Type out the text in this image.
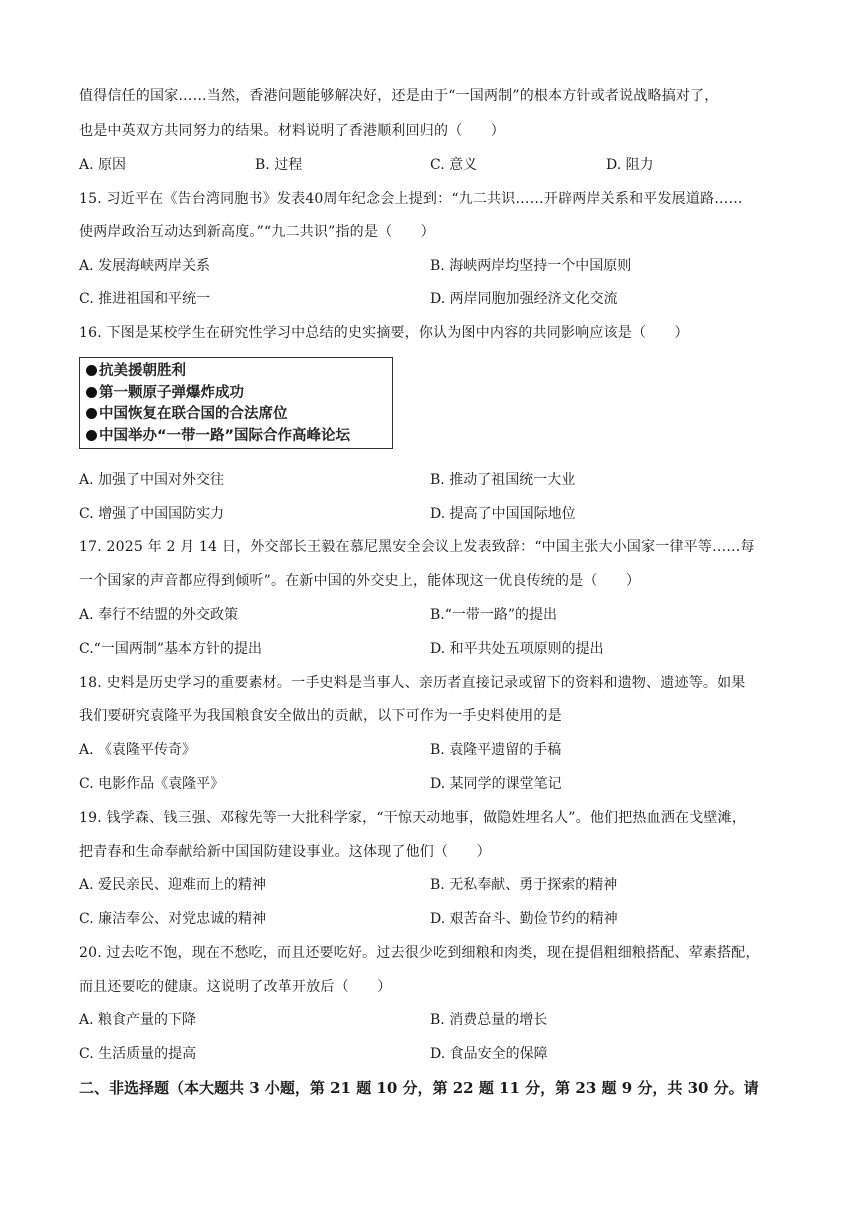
值得信任的国家……当然，香港问题能够解决好，还是由于“一国两制”的根本方针或者说战略搞对了，
也是中英双方共同努力的结果。材料说明了香港顺利回归的（　　）
A. 原因	B. 过程	C. 意义	D. 阻力
15. 习近平在《告台湾同胞书》发表40周年纪念会上提到：“九二共识……开辟两岸关系和平发展道路……
使两岸政治互动达到新高度。”“九二共识”指的是（　　）
A. 发展海峡两岸关系	B. 海峡两岸均坚持一个中国原则
C. 推进祖国和平统一	D. 两岸同胞加强经济文化交流
16. 下图是某校学生在研究性学习中总结的史实摘要，你认为图中内容的共同影响应该是（　　）
抗美援朝胜利
第一颗原子弹爆炸成功
中国恢复在联合国的合法席位
中国举办“一带一路”国际合作高峰论坛
A. 加强了中国对外交往	B. 推动了祖国统一大业
C. 增强了中国国防实力	D. 提高了中国国际地位
17. 2025 年 2 月 14 日，外交部长王毅在慕尼黑安全会议上发表致辞：“中国主张大小国家一律平等……每
一个国家的声音都应得到倾听”。在新中国的外交史上，能体现这一优良传统的是（　　）
A. 奉行不结盟的外交政策	B.“一带一路”的提出
C.“一国两制”基本方针的提出	D. 和平共处五项原则的提出
18. 史料是历史学习的重要素材。一手史料是当事人、亲历者直接记录或留下的资料和遗物、遗迹等。如果
我们要研究袁隆平为我国粮食安全做出的贡献，以下可作为一手史料使用的是
A. 《袁隆平传奇》	B. 袁隆平遗留的手稿
C. 电影作品《袁隆平》	D. 某同学的课堂笔记
19. 钱学森、钱三强、邓稼先等一大批科学家，“干惊天动地事，做隐姓埋名人”。他们把热血洒在戈壁滩，
把青春和生命奉献给新中国国防建设事业。这体现了他们（　　）
A. 爱民亲民、迎难而上的精神	B. 无私奉献、勇于探索的精神
C. 廉洁奉公、对党忠诚的精神	D. 艰苦奋斗、勤俭节约的精神
20. 过去吃不饱，现在不愁吃，而且还要吃好。过去很少吃到细粮和肉类，现在提倡粗细粮搭配、荤素搭配，
而且还要吃的健康。这说明了改革开放后（　　）
A. 粮食产量的下降	B. 消费总量的增长
C. 生活质量的提高	D. 食品安全的保障
二、非选择题（本大题共 3 小题，第 21 题 10 分，第 22 题 11 分，第 23 题 9 分，共 30 分。请
